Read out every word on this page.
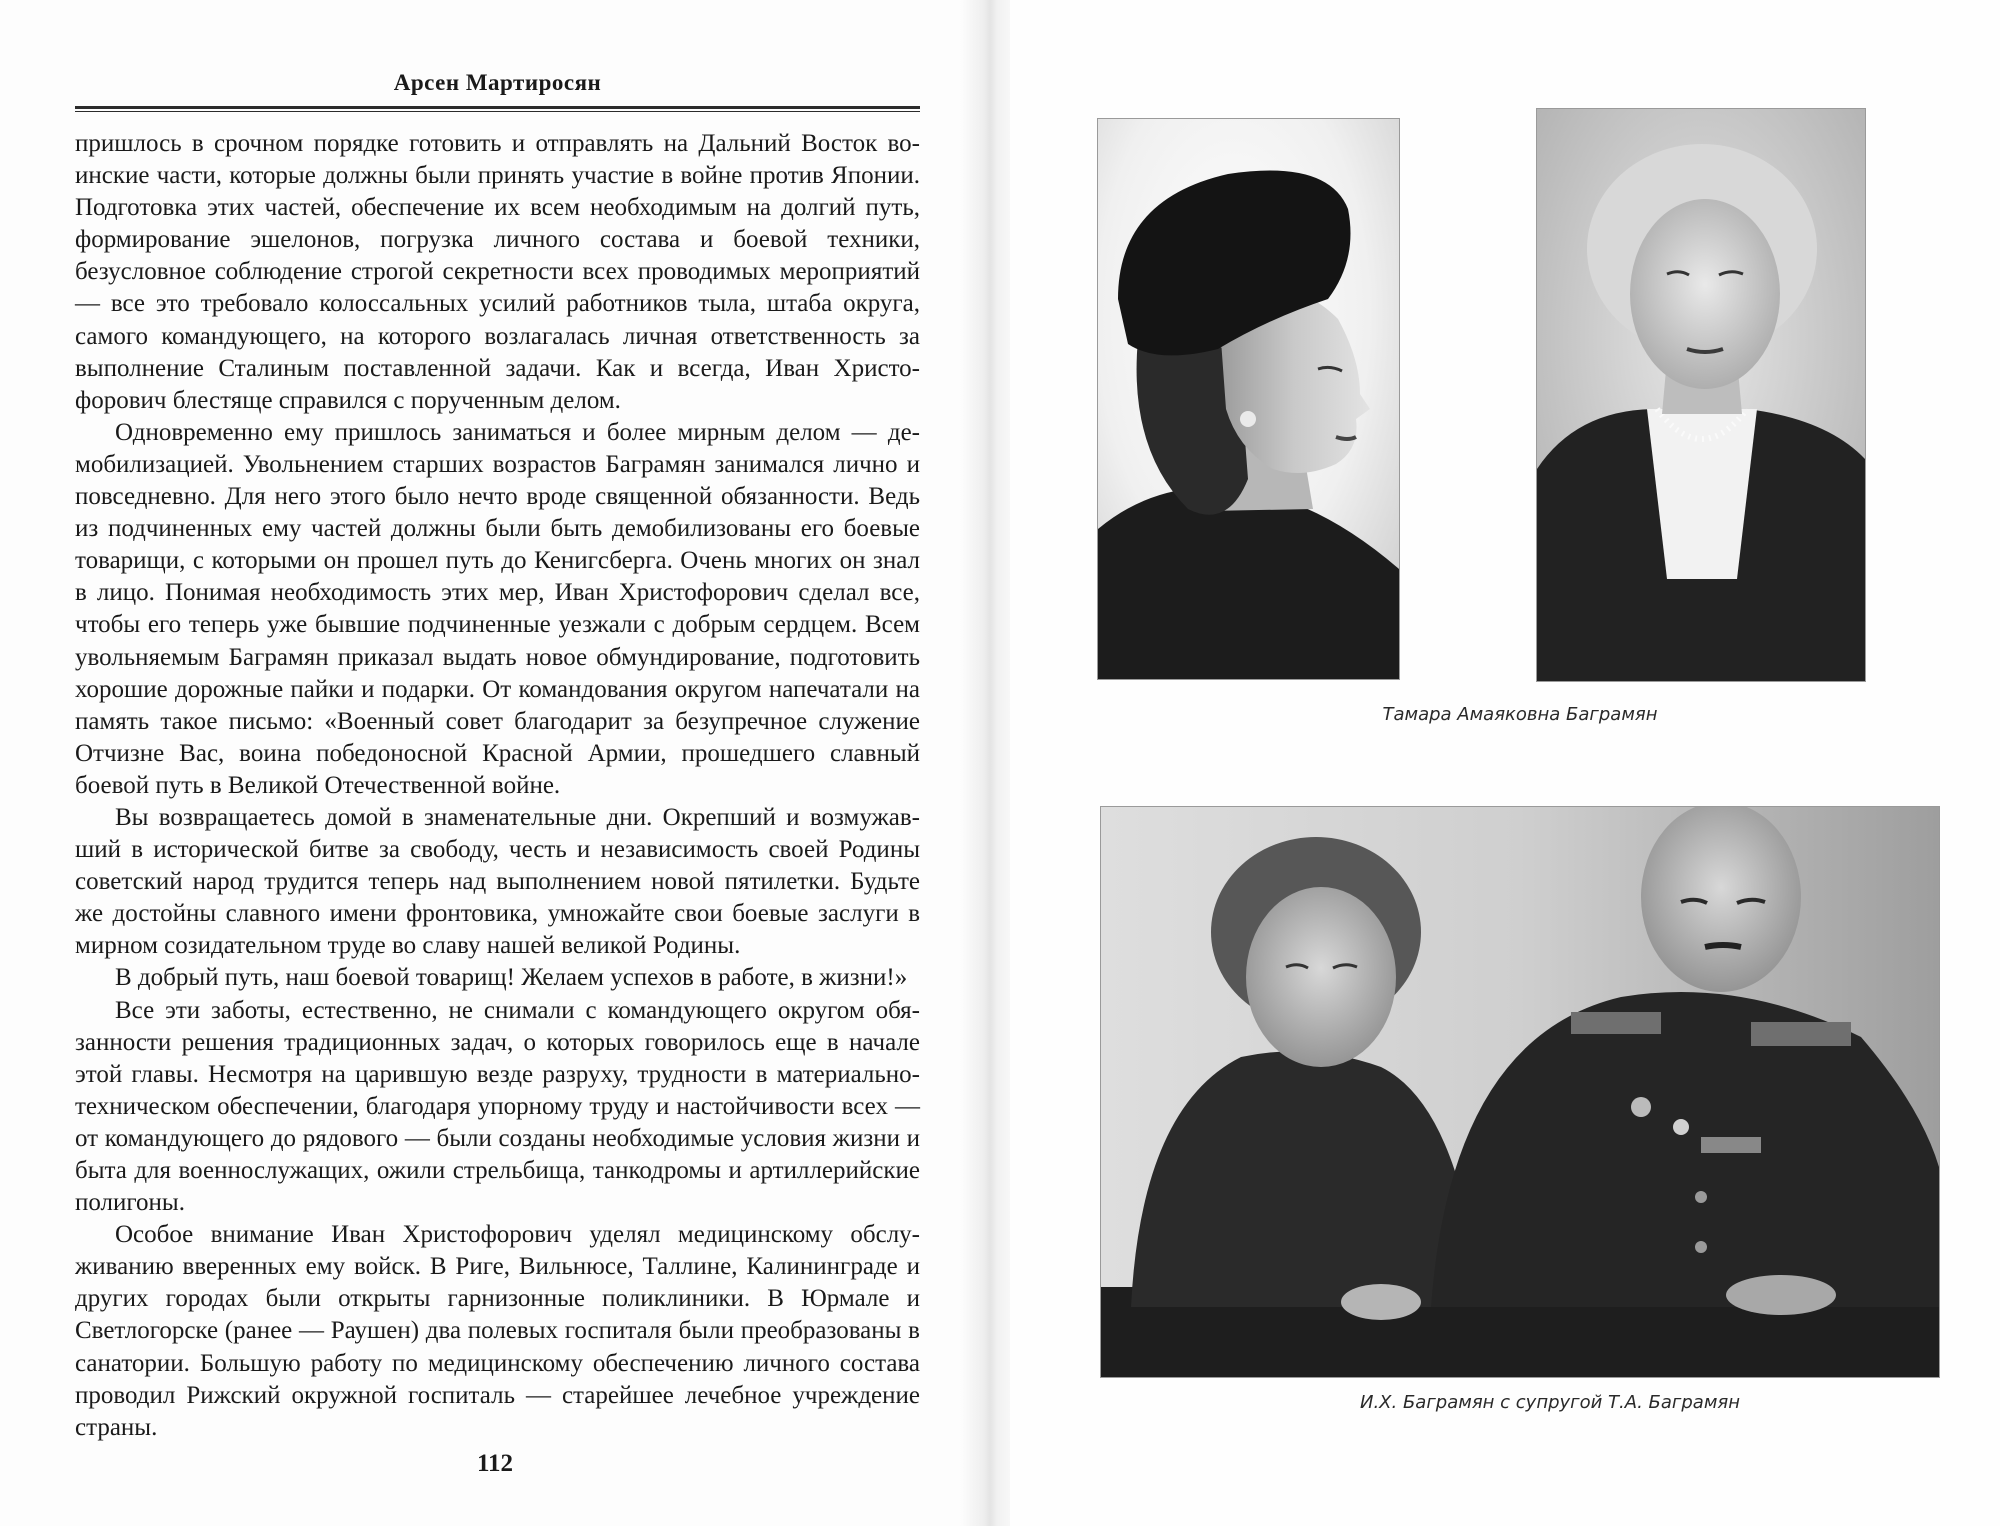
Арсен Мартиросян

пришлось в срочном порядке готовить и отправлять на Дальний Восток воинские части, которые должны были принять участие в войне против Японии. Подготовка этих частей, обеспечение их всем необходимым на долгий путь, формирование эшелонов, погрузка личного состава и боевой техники, безусловное соблюдение строгой секретности всех проводимых мероприятий — все это требовало колоссальных усилий работников тыла, штаба округа, самого командующего, на которого возлагалась личная ответственность за выполнение Сталиным поставленной задачи. Как и всегда, Иван Христофорович блестяще справился с порученным делом.

Одновременно ему пришлось заниматься и более мирным делом — демобилизацией. Увольнением старших возрастов Баграмян занимался лично и повседневно. Для него этого было нечто вроде священной обязанности. Ведь из подчиненных ему частей должны были быть демобилизованы его боевые товарищи, с которыми он прошел путь до Кенигсберга. Очень многих он знал в лицо. Понимая необходимость этих мер, Иван Христофорович сделал все, чтобы его теперь уже бывшие подчиненные уезжали с добрым сердцем. Всем увольняемым Баграмян приказал выдать новое обмундирование, подготовить хорошие дорожные пайки и подарки. От командования округом напечатали на память такое письмо: «Военный совет благодарит за безупречное служение Отчизне Вас, воина победоносной Красной Армии, прошедшего славный боевой путь в Великой Отечественной войне.

Вы возвращаетесь домой в знаменательные дни. Окрепший и возмужавший в исторической битве за свободу, честь и независимость своей Родины советский народ трудится теперь над выполнением новой пятилетки. Будьте же достойны славного имени фронтовика, умножайте свои боевые заслуги в мирном созидательном труде во славу нашей великой Родины.

В добрый путь, наш боевой товарищ! Желаем успехов в работе, в жизни!»

Все эти заботы, естественно, не снимали с командующего округом обязанности решения традиционных задач, о которых говорилось еще в начале этой главы. Несмотря на царившую везде разруху, трудности в материально-техническом обеспечении, благодаря упорному труду и настойчивости всех — от командующего до рядового — были созданы необходимые условия жизни и быта для военнослужащих, ожили стрельбища, танкодромы и артиллерийские полигоны.

Особое внимание Иван Христофорович уделял медицинскому обслуживанию вверенных ему войск. В Риге, Вильнюсе, Таллине, Калининграде и других городах были открыты гарнизонные поликлиники. В Юрмале и Светлогорске (ранее — Раушен) два полевых госпиталя были преобразованы в санатории. Большую работу по медицинскому обеспечению личного состава проводил Рижский окружной госпиталь — старейшее лечебное учреждение страны.

112
Тамара Амаяковна Баграмян
И.Х. Баграмян с супругой Т.А. Баграмян
